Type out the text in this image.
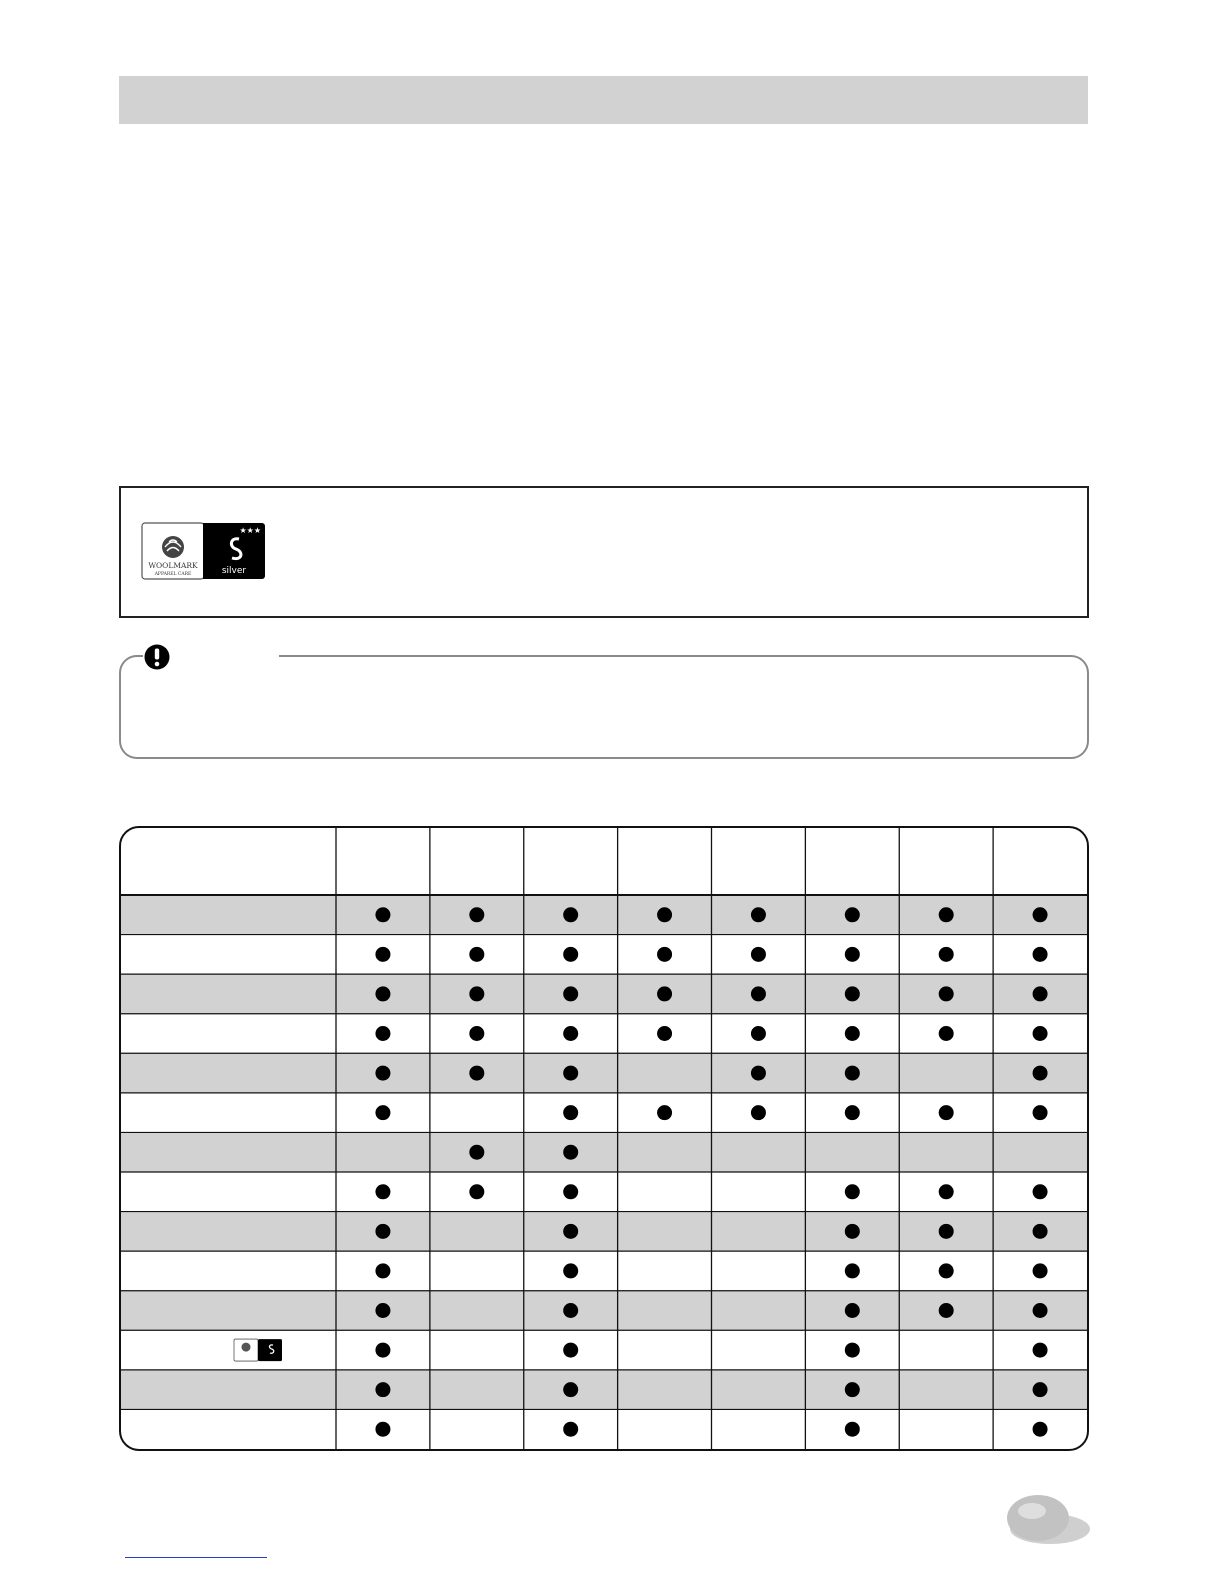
WOOLMARK
APPAREL CARE
★★★
silver
